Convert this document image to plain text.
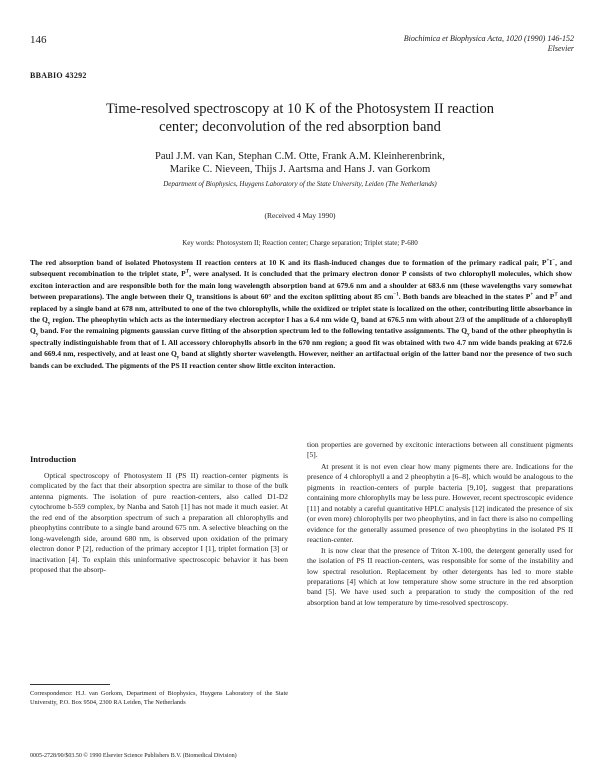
146	Biochimica et Biophysica Acta, 1020 (1990) 146-152
Elsevier
BBABIO 43292
Time-resolved spectroscopy at 10 K of the Photosystem II reaction
center; deconvolution of the red absorption band
Paul J.M. van Kan, Stephan C.M. Otte, Frank A.M. Kleinherenbrink,
Marike C. Nieveen, Thijs J. Aartsma and Hans J. van Gorkom
Department of Biophysics, Huygens Laboratory of the State University, Leiden (The Netherlands)
(Received 4 May 1990)
Key words: Photosystem II; Reaction center; Charge separation; Triplet state; P-680
The red absorption band of isolated Photosystem II reaction centers at 10 K and its flash-induced changes due to formation of the primary radical pair, P+I−, and subsequent recombination to the triplet state, $P^T$, were analysed. It is concluded that the primary electron donor P consists of two chlorophyll molecules, which show exciton interaction and are responsible both for the main long wavelength absorption band at 679.6 nm and a shoulder at 683.6 nm (these wavelengths vary somewhat between preparations). The angle between their $Q_y$ transitions is about 60° and the exciton splitting about 85 $cm^{-1}$. Both bands are bleached in the states P+ and $P^T$ and replaced by a single band at 678 nm, attributed to one of the two chlorophylls, while the oxidized or triplet state is localized on the other, contributing little absorbance in the $Q_y$ region. The pheophytin which acts as the intermediary electron acceptor I has a 6.4 nm wide $Q_y$ band at 676.5 nm with about 2/3 of the amplitude of a chlorophyll $Q_y$ band. For the remaining pigments gaussian curve fitting of the absorption spectrum led to the following tentative assignments. The $Q_y$ band of the other pheophytin is spectrally indistinguishable from that of I. All accessory chlorophylls absorb in the 670 nm region; a good fit was obtained with two 4.7 nm wide bands peaking at 672.6 and 669.4 nm, respectively, and at least one $Q_y$ band at slightly shorter wavelength. However, neither an artifactual origin of the latter band nor the presence of two such bands can be excluded. The pigments of the PS II reaction center show little exciton interaction.
Introduction

Optical spectroscopy of Photosystem II (PS II) reaction-center pigments is complicated by the fact that their absorption spectra are similar to those of the bulk antenna pigments. The isolation of pure reaction-centers, also called D1-D2 cytochrome b-559 complex, by Nanba and Satoh [1] has not made it much easier. At the red end of the absorption spectrum of such a preparation all chlorophylls and pheophytins contribute to a single band around 675 nm. A selective bleaching on the long-wavelength side, around 680 nm, is observed upon oxidation of the primary electron donor P [2], reduction of the primary acceptor I [1], triplet formation [3] or inactivation [4]. To explain this uninformative spectroscopic behavior it has been proposed that the absorp-

tion properties are governed by excitonic interactions between all constituent pigments [5].

At present it is not even clear how many pigments there are. Indications for the presence of 4 chlorophyll a and 2 pheophytin a [6–8], which would be analogous to the pigments in reaction-centers of purple bacteria [9,10], suggest that preparations containing more chlorophylls may be less pure. However, recent spectroscopic evidence [11] and notably a careful quantitative HPLC analysis [12] indicated the presence of six (or even more) chlorophylls per two pheophytins, and in fact there is also no compelling evidence for the generally assumed presence of two pheophytins in the isolated PS II reaction-center.

It is now clear that the presence of Triton X-100, the detergent generally used for the isolation of PS II reaction-centers, was responsible for some of the instability and low spectral resolution. Replacement by other detergents has led to more stable preparations [4] which at low temperature show some structure in the red absorption band [5]. We have used such a preparation to study the composition of the red absorption band at low temperature by time-resolved spectroscopy.

Correspondence: H.J. van Gorkom, Department of Biophysics, Huygens Laboratory of the State University, P.O. Box 9504, 2300 RA Leiden, The Netherlands
0005-2728/90/$03.50 © 1990 Elsevier Science Publishers B.V. (Biomedical Division)
